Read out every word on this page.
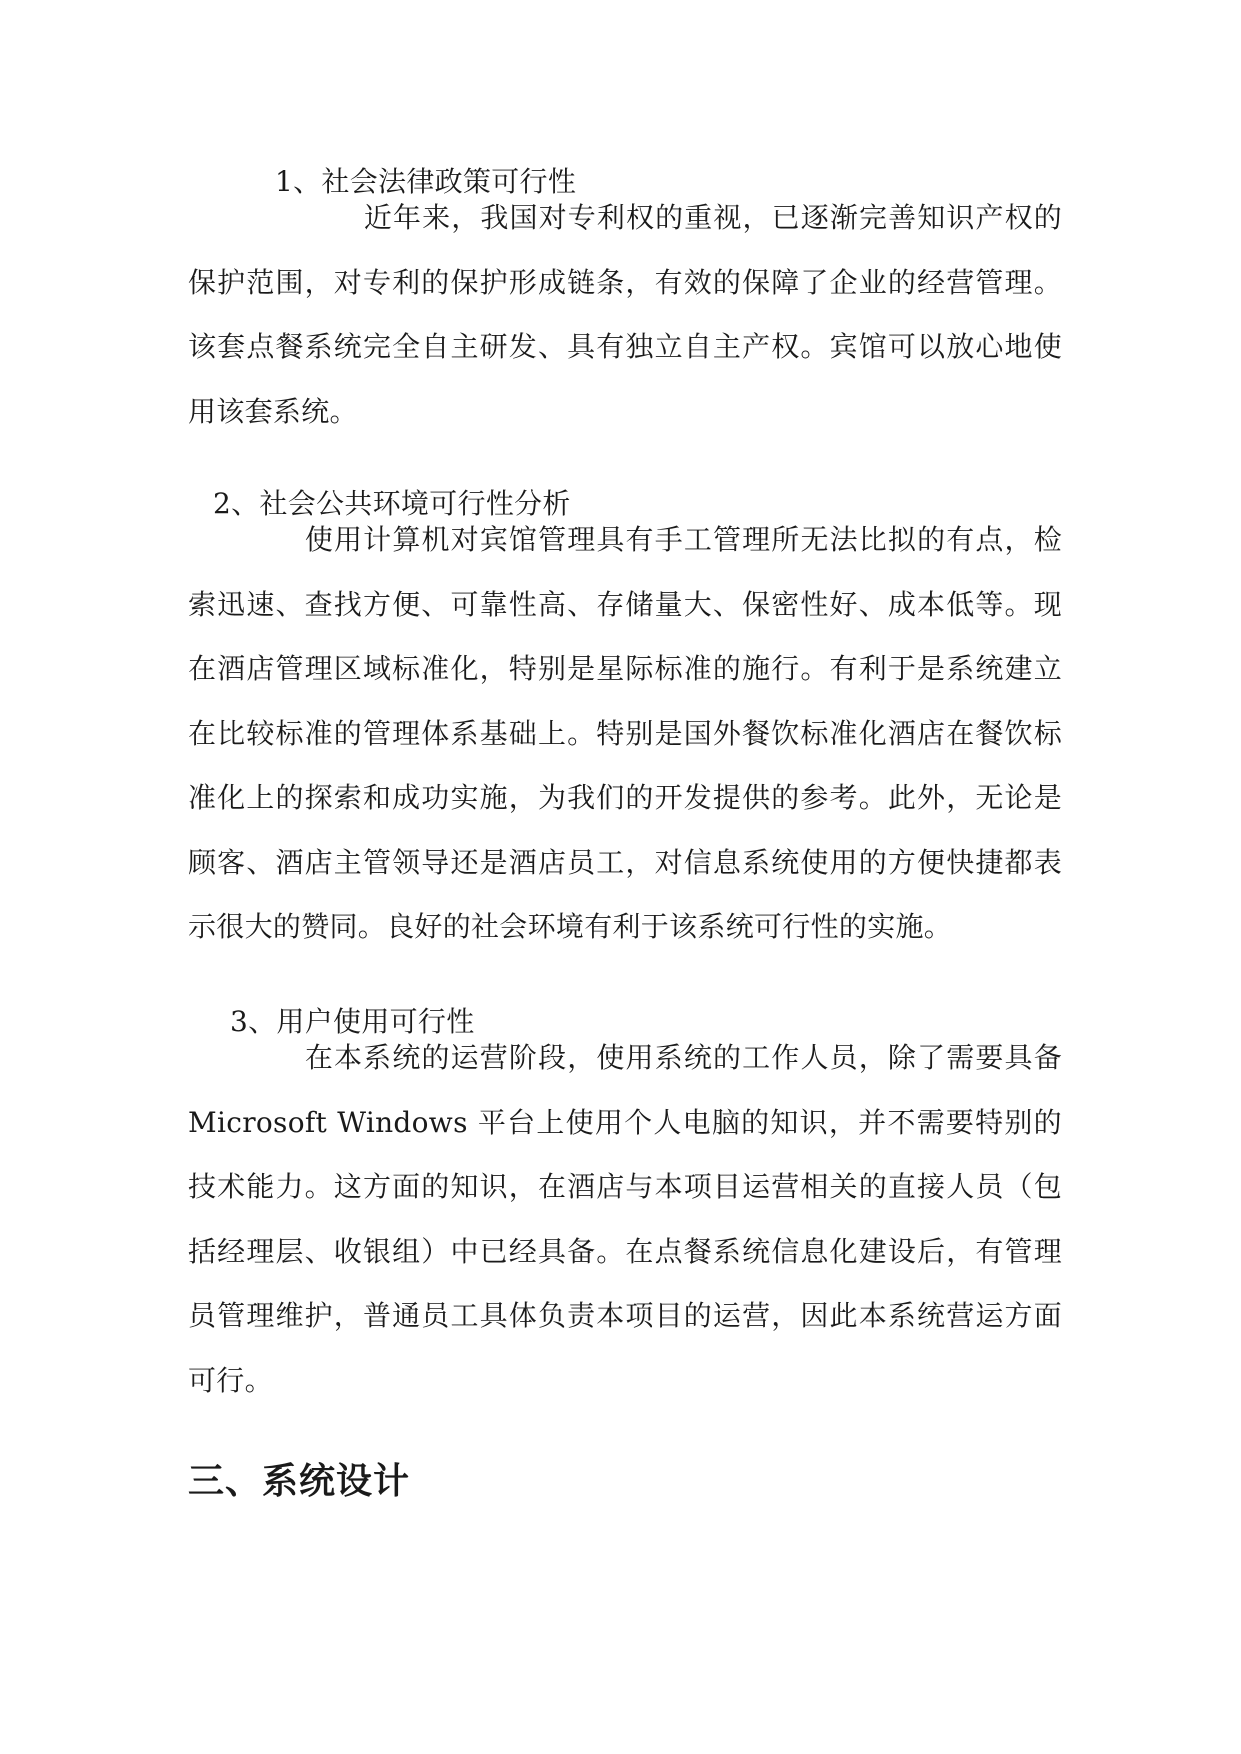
1、社会法律政策可行性
近年来，我国对专利权的重视，已逐渐完善知识产权的保护范围，对专利的保护形成链条，有效的保障了企业的经营管理。该套点餐系统完全自主研发、具有独立自主产权。宾馆可以放心地使用该套系统。
2、社会公共环境可行性分析
使用计算机对宾馆管理具有手工管理所无法比拟的有点，检索迅速、查找方便、可靠性高、存储量大、保密性好、成本低等。现在酒店管理区域标准化，特别是星际标准的施行。有利于是系统建立在比较标准的管理体系基础上。特别是国外餐饮标准化酒店在餐饮标准化上的探索和成功实施，为我们的开发提供的参考。此外，无论是顾客、酒店主管领导还是酒店员工，对信息系统使用的方便快捷都表示很大的赞同。良好的社会环境有利于该系统可行性的实施。
3、用户使用可行性
在本系统的运营阶段，使用系统的工作人员，除了需要具备Microsoft Windows 平台上使用个人电脑的知识，并不需要特别的技术能力。这方面的知识，在酒店与本项目运营相关的直接人员（包括经理层、收银组）中已经具备。在点餐系统信息化建设后，有管理员管理维护，普通员工具体负责本项目的运营，因此本系统营运方面可行。
三、系统设计
